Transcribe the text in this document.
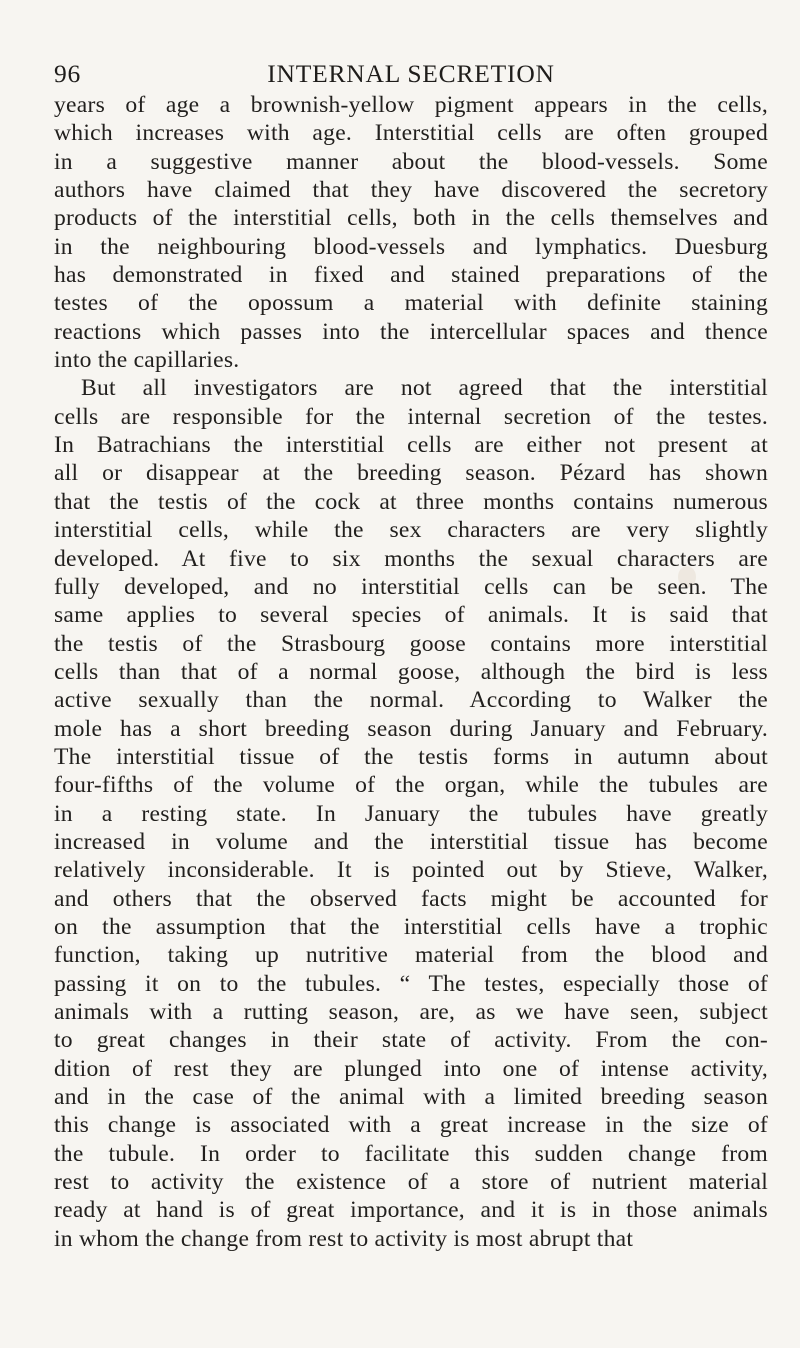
96	INTERNAL SECRETION
years of age a brownish-yellow pigment appears in the cells,
which increases with age. Interstitial cells are often grouped
in a suggestive manner about the blood-vessels. Some
authors have claimed that they have discovered the secretory
products of the interstitial cells, both in the cells themselves and
in the neighbouring blood-vessels and lymphatics. Duesburg
has demonstrated in fixed and stained preparations of the
testes of the opossum a material with definite staining
reactions which passes into the intercellular spaces and thence
into the capillaries.
But all investigators are not agreed that the interstitial
cells are responsible for the internal secretion of the testes.
In Batrachians the interstitial cells are either not present at
all or disappear at the breeding season. Pézard has shown
that the testis of the cock at three months contains numerous
interstitial cells, while the sex characters are very slightly
developed. At five to six months the sexual characters are
fully developed, and no interstitial cells can be seen. The
same applies to several species of animals. It is said that
the testis of the Strasbourg goose contains more interstitial
cells than that of a normal goose, although the bird is less
active sexually than the normal. According to Walker the
mole has a short breeding season during January and February.
The interstitial tissue of the testis forms in autumn about
four-fifths of the volume of the organ, while the tubules are
in a resting state. In January the tubules have greatly
increased in volume and the interstitial tissue has become
relatively inconsiderable. It is pointed out by Stieve, Walker,
and others that the observed facts might be accounted for
on the assumption that the interstitial cells have a trophic
function, taking up nutritive material from the blood and
passing it on to the tubules. “ The testes, especially those of
animals with a rutting season, are, as we have seen, subject
to great changes in their state of activity. From the con-
dition of rest they are plunged into one of intense activity,
and in the case of the animal with a limited breeding season
this change is associated with a great increase in the size of
the tubule. In order to facilitate this sudden change from
rest to activity the existence of a store of nutrient material
ready at hand is of great importance, and it is in those animals
in whom the change from rest to activity is most abrupt that
